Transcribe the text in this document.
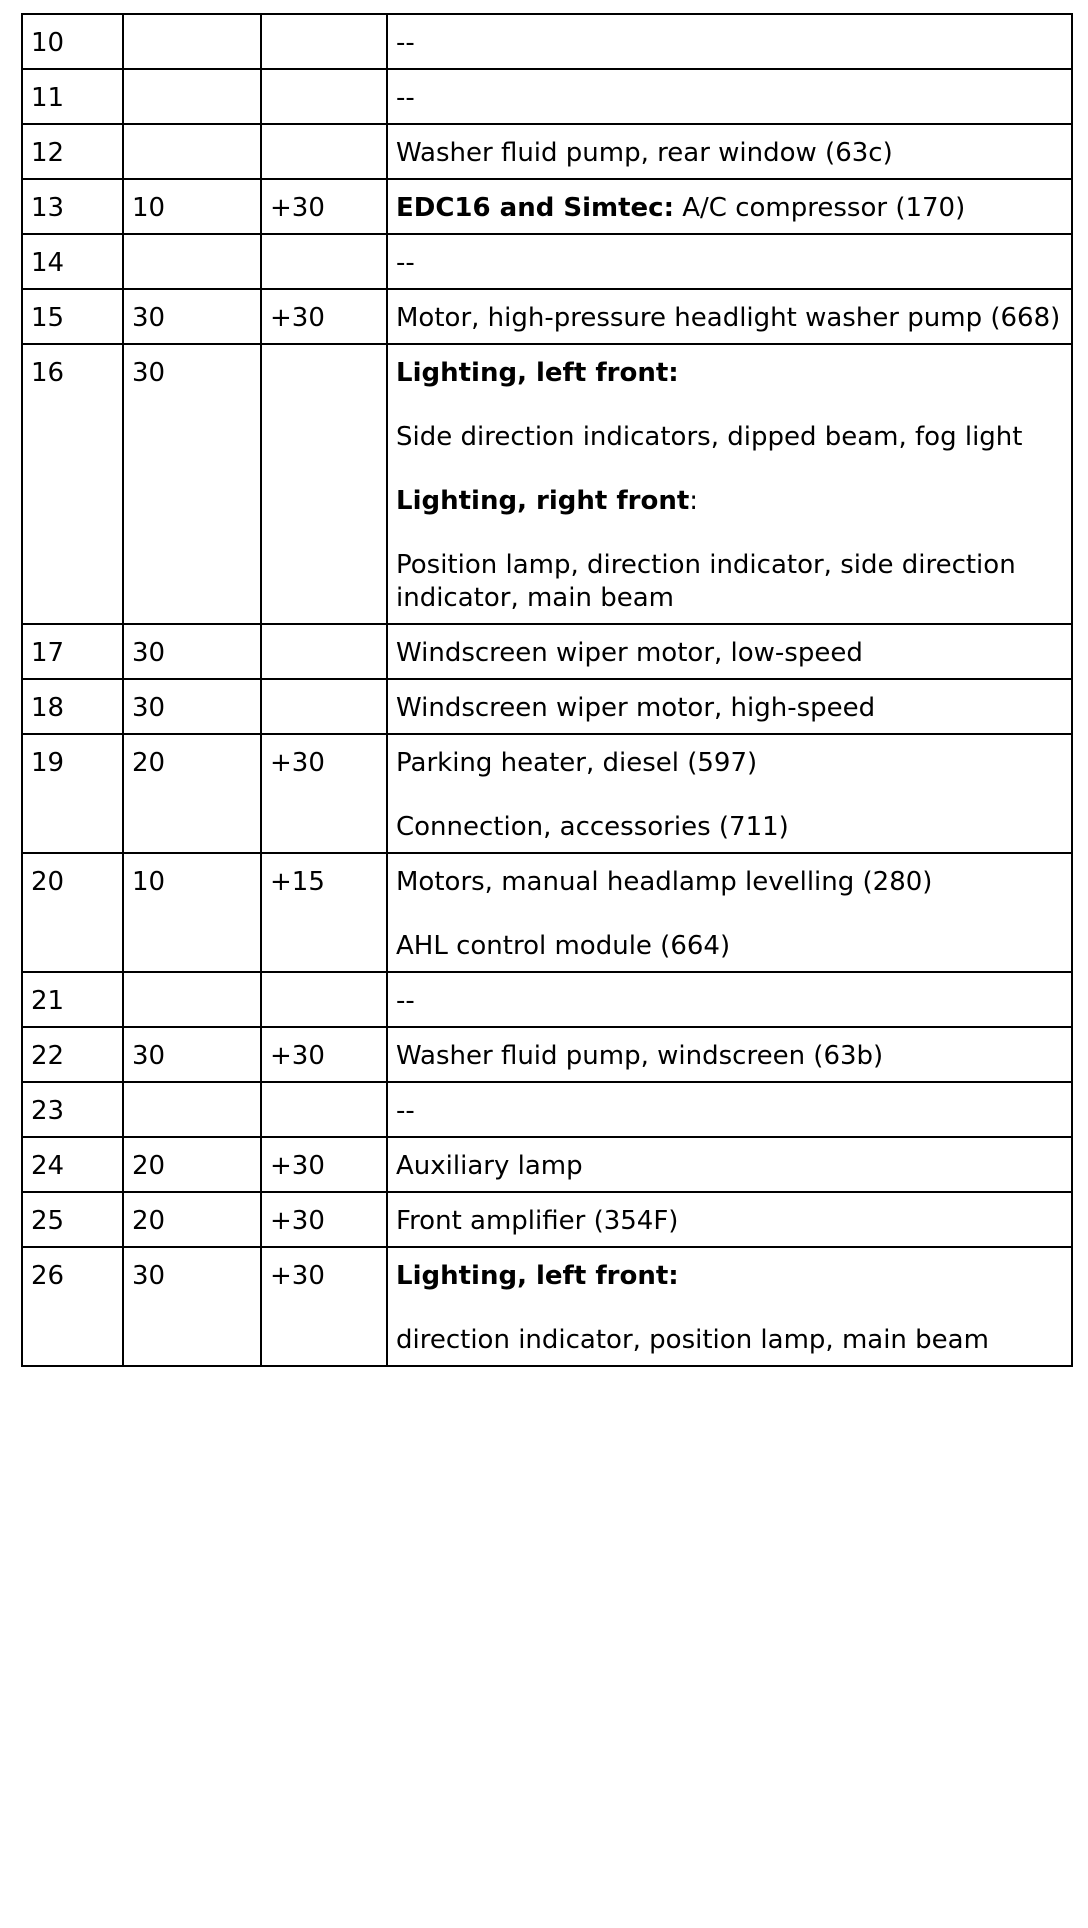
10			--

11			--

12			Washer fluid pump, rear window (63c)

13	10	+30	EDC16 and Simtec: A/C compressor (170)

14			--

15	30	+30	Motor, high-pressure headlight washer pump (668)

16	30		Lighting, left front:

Side direction indicators, dipped beam, fog light

Lighting, right front:

Position lamp, direction indicator, side direction indicator, main beam

17	30		Windscreen wiper motor, low-speed

18	30		Windscreen wiper motor, high-speed

19	20	+30	Parking heater, diesel (597)

Connection, accessories (711)

20	10	+15	Motors, manual headlamp levelling (280)

AHL control module (664)

21			--

22	30	+30	Washer fluid pump, windscreen (63b)

23			--

24	20	+30	Auxiliary lamp

25	20	+30	Front amplifier (354F)

26	30	+30	Lighting, left front:

direction indicator, position lamp, main beam
